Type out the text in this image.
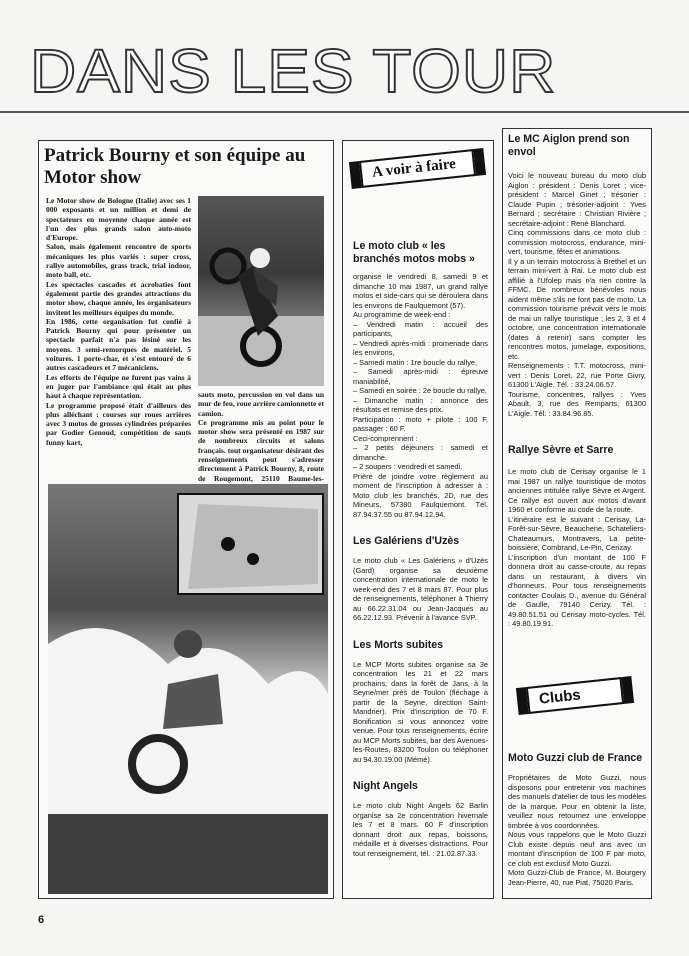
DANS LES TOUR
Patrick Bourny et son équipe au Motor show

Le Motor show de Bologne (Italie) avec ses 1 000 exposants et un million et demi de spectateurs en moyenne chaque année est l'un des plus grands salon auto-moto d'Europe.
Salon, mais également rencontre de sports mécaniques les plus variés : super cross, rallye automobiles, grass track, trial indoor, moto ball, etc.
Les spectacles cascades et acrobaties font également partie des grandes attractions du motor show, chaque année, les organisateurs invitent les meilleurs équipes du monde.
En 1986, cette organisation fut confié à Patrick Bourny qui pour présenter un spectacle parfait n'a pas lésiné sur les moyens. 3 semi-remorques de matériel. 5 voitures. 1 porte-char, et s'est entouré de 6 autres cascadeurs et 7 mécaniciens.
Les efforts de l'équipe ne furent pas vains à en juger par l'ambiance qui était au plus haut à chaque représentation.
Le programme proposé était d'ailleurs des plus alléchant : courses sur roues arrières avec 3 motos de grosses cylindrées préparées par Godier Genoud, compétition de sauts funny kart,

sauts moto, percussion en vol dans un mur de feu, roue arrière camionnette et camion.
Ce programme mis au point pour le motor show sera présenté en 1987 sur de nombreux circuits et salons français. tout organisateur désirant des renseignements peut s'adresser directement à Patrick Bourny, 8, route de Rougemont, 25110 Baume-les-

A voir à faire
Le moto club « les branchés motos mobs »

organise le vendredi 8, samedi 9 et dimanche 10 mai 1987, un grand rallye motos et side-cars qui se déroulera dans les environs de Faulquemont (57).
Au programme de week-end :
– Vendredi matin : accueil des participants,
– Vendredi après-midi : promenade dans les environs,
– Samedi matin : 1re boucle du rallye,
– Samedi après-midi : épreuve maniabilité,
– Samedi en soirée : 2e boucle du rallye,
– Dimanche matin : annonce des résultats et remise des prix.
Participation : moto + pilote : 100 F, passager : 60 F.
Ceci-comprennent :
– 2 petits déjeuners : samedi et dimanche.
– 2 soupers : vendredi et samedi.
Prière de joindre votre règlement au moment de l'inscription à adresser à : Moto club les branchés, 2D, rue des Mineurs, 57380 Faulquemont. Tél. 87.94.37.55 ou 87.94.12.94.

Les Galériens d'Uzès

Le moto club « Les Galériens » d'Uzès (Gard) organise sa deuxième concentration internationale de moto le week-end des 7 et 8 mars 87. Pour plus de renseignements, téléphoner à Thierry au 66.22.31.04 ou Jean-Jacques au 66.22.12.93. Prévenir à l'avance SVP.

Les Morts subites

Le MCP Morts subites organise sa 3e concentration les 21 et 22 mars prochains, dans la forêt de Jans, à la Seyne/mer près de Toulon (fléchage à partir de la Seyne, direction Saint-Mandrier). Prix d'inscription de 70 F. Bonification si vous annoncez votre venue. Pour tous renseignements, écrire au MCP Morts subites, bar des Avenues-les-Routes, 83200 Toulon ou téléphoner au 94.30.19.00 (Mémé).

Night Angels

Le moto club Night Angels 62 Barlin organise sa 2e concentration hivernale les 7 et 8 mars. 60 F d'inscription donnant droit aux repas, boissons, médaille et à diverses distractions. Pour tout renseignement, tél. : 21.02.87.33.

Le MC Aiglon prend son envol

Voici le nouveau bureau du moto club Aiglon : président : Denis Loret ; vice-président : Marcel Ginet ; trésorier : Claude Pupin ; trésorier-adjoint : Yves Bernard ; secrétaire : Christian Rivière ; secrétaire-adjoint : René Blanchard.
Cinq commissions dans ce moto club : commission motocross, endurance, mini-vert, tourisme, fêtes et animations.
Il y a un terrain motocross à Brethel et un terrain mini-vert à Rai. Le moto club est affilié à l'Ufolep mais n'a rien contre la FFMC. De nombreux bénévoles nous aident même s'ils ne font pas de moto. La commission tourisme prévoit vers le mois de mai un rallye touristique ; les 2, 3 et 4 octobre, une concentration internationale (dates à retenir) sans compter les rencontres motos, jumelage, expositions, etc.
Renseignements : T.T. motocross, mini-vert : Denis Loret, 22, rue Porte Givry, 61300 L'Aigle. Tél. : 33.24.06.57.
Tourisme, concentres, rallyes : Yves Abault, 3, rue des Remparts, 61300 L'Aigle. Tél. : 33.84.96.85.

Rallye Sèvre et Sarre

Le moto club de Cerisay organise le 1 mai 1987 un rallye touristique de motos anciennes intitulée rallye Sèvre et Argent. Ce rallye est ouvert aux motos d'avant 1960 et conforme au code de la route.
L'itinéraire est le suivant : Cerisay, La-Forêt-sur-Sèvre, Beauchene, Schateliers-Chateaumurs, Montravers, La petite-boissière, Combrand, Le-Pin, Cerizay.
L'inscription d'un montant de 100 F donnera droit au casse-croute, au repas dans un restaurant, à divers vin d'honneurs. Pour tous renseignements contacter Coulais D., avenue du Général de Gaulle, 79140 Cerizy. Tél. : 49.80.51.51 ou Cerisay moto-cycles. Tél. : 49.80.19.91.

Clubs
Moto Guzzi club de France

Propriétaires de Moto Guzzi, nous disposons pour entretenir vos machines des manuels d'atelier de tous les modèles de la marque. Pour en obtenir la liste, veuillez nous retournez une enveloppe timbrée à vos coordonnées.
Nous vous rappelons que le Moto Guzzi Club existe depuis neuf ans avec un montant d'inscription de 100 F par moto, ce club est exclusif Moto Guzzi.
Moto Guzzi-Club de France, M. Bourgery Jean-Pierre, 40, rue Piat, 75020 Paris.

6
